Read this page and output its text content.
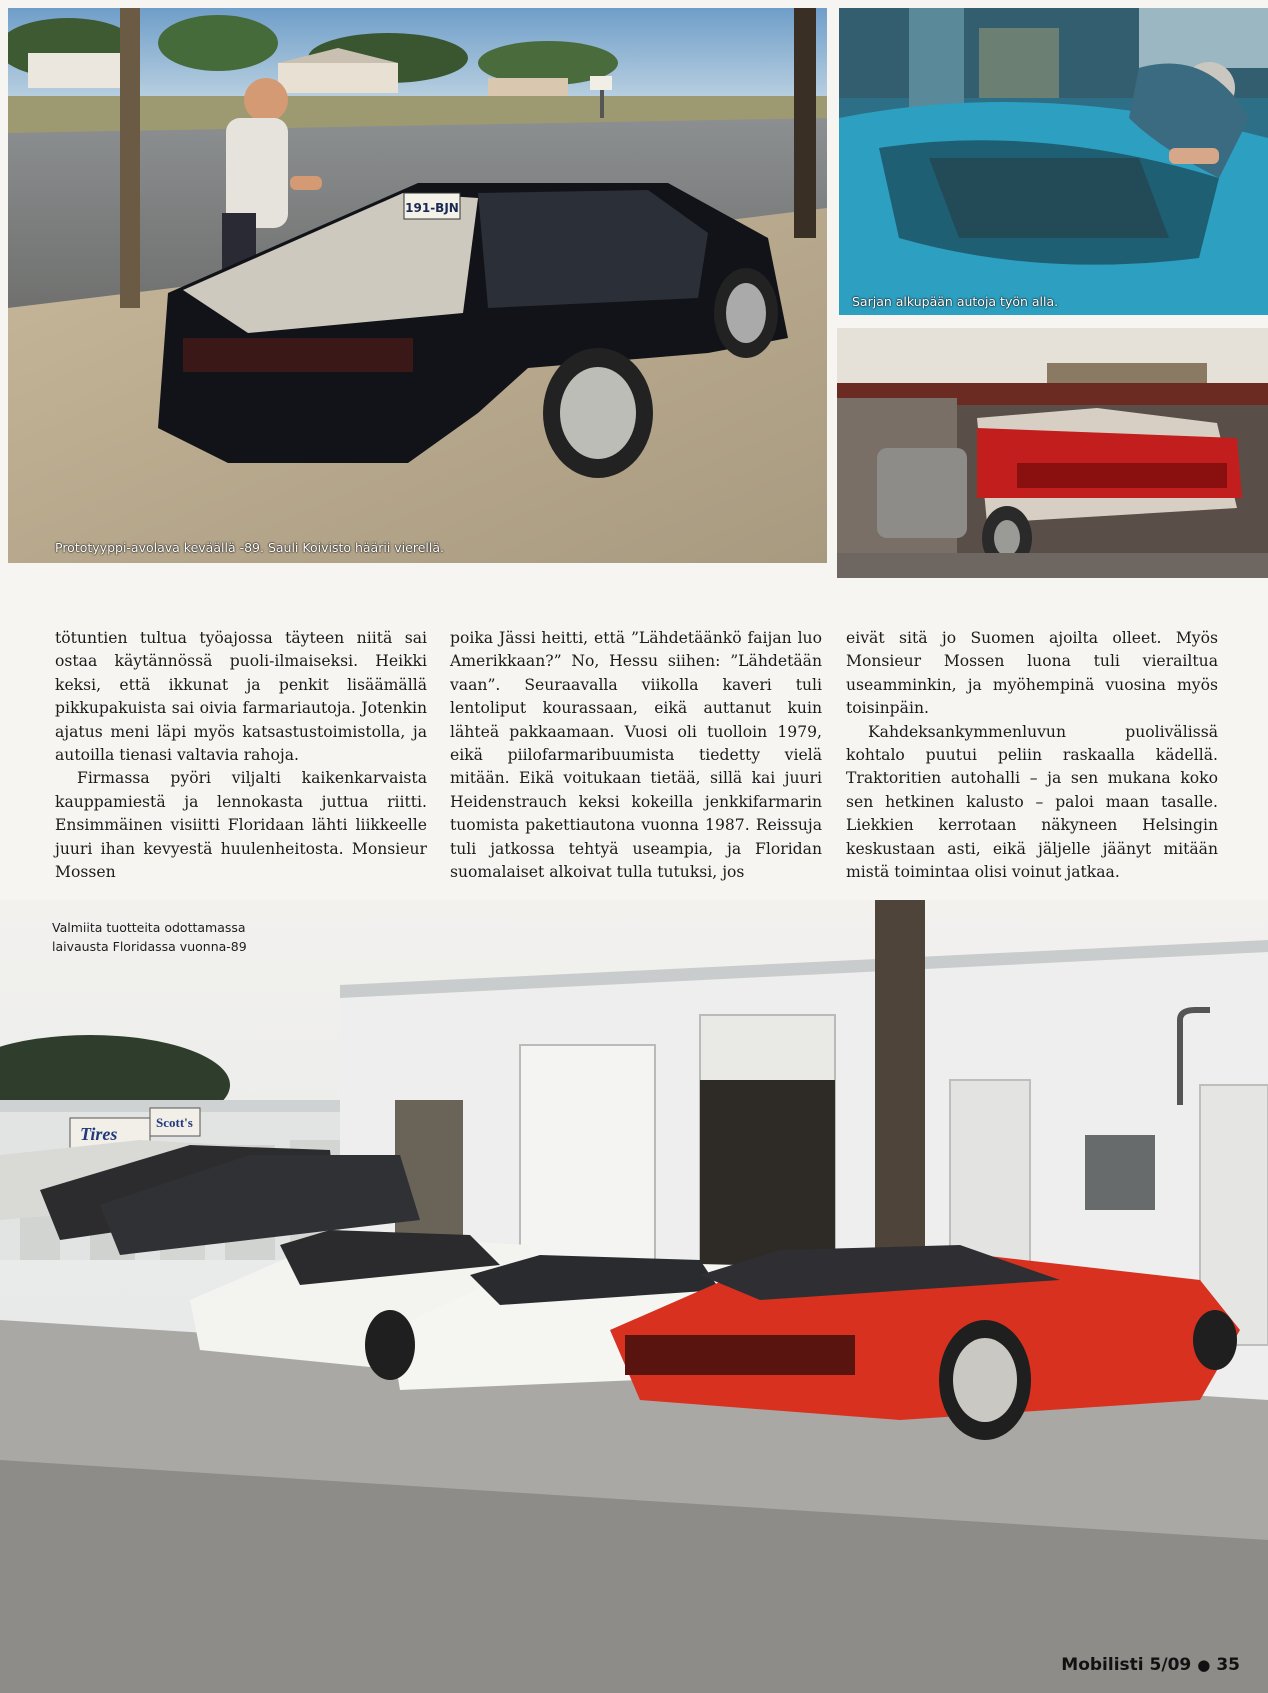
191-BJN
Prototyyppi-avolava keväällä -89. Sauli Koivisto häärii vierellä.
Sarjan alkupään autoja työn alla.

tötuntien tultua työajossa täyteen niitä sai ostaa käytännössä puoli-ilmaiseksi. Heikki keksi, että ikkunat ja penkit lisäämällä pikkupakuista sai oivia farmariautoja. Jotenkin ajatus meni läpi myös katsastustoimistolla, ja autoilla tienasi valtavia rahoja.

Firmassa pyöri viljalti kaikenkarvaista kauppamiestä ja lennokasta juttua riitti. Ensimmäinen visiitti Floridaan lähti liikkeelle juuri ihan kevyestä huulenheitosta. Monsieur Mossen

poika Jässi heitti, että ”Lähdetäänkö faijan luo Amerikkaan?” No, Hessu siihen: ”Lähdetään vaan”. Seuraavalla viikolla kaveri tuli lentoliput kourassaan, eikä auttanut kuin lähteä pakkaamaan. Vuosi oli tuolloin 1979, eikä piilofarmaribuumista tiedetty vielä mitään. Eikä voitukaan tietää, sillä kai juuri Heidenstrauch keksi kokeilla jenkkifarmarin tuomista pakettiautona vuonna 1987. Reissuja tuli jatkossa tehtyä useampia, ja Floridan suomalaiset alkoivat tulla tutuksi, jos

eivät sitä jo Suomen ajoilta olleet. Myös Monsieur Mossen luona tuli vierailtua useamminkin, ja myöhempinä vuosina myös toisinpäin.

Kahdeksankymmenluvun puolivälissä kohtalo puutui peliin raskaalla kädellä. Traktoritien autohalli – ja sen mukana koko sen hetkinen kalusto – paloi maan tasalle. Liekkien kerrotaan näkyneen Helsingin keskustaan asti, eikä jäljelle jäänyt mitään mistä toimintaa olisi voinut jatkaa.

Tires
Scott's
Valmiita tuotteita odottamassa
laivausta Floridassa vuonna-89
Mobilisti 5/09 ● 35
